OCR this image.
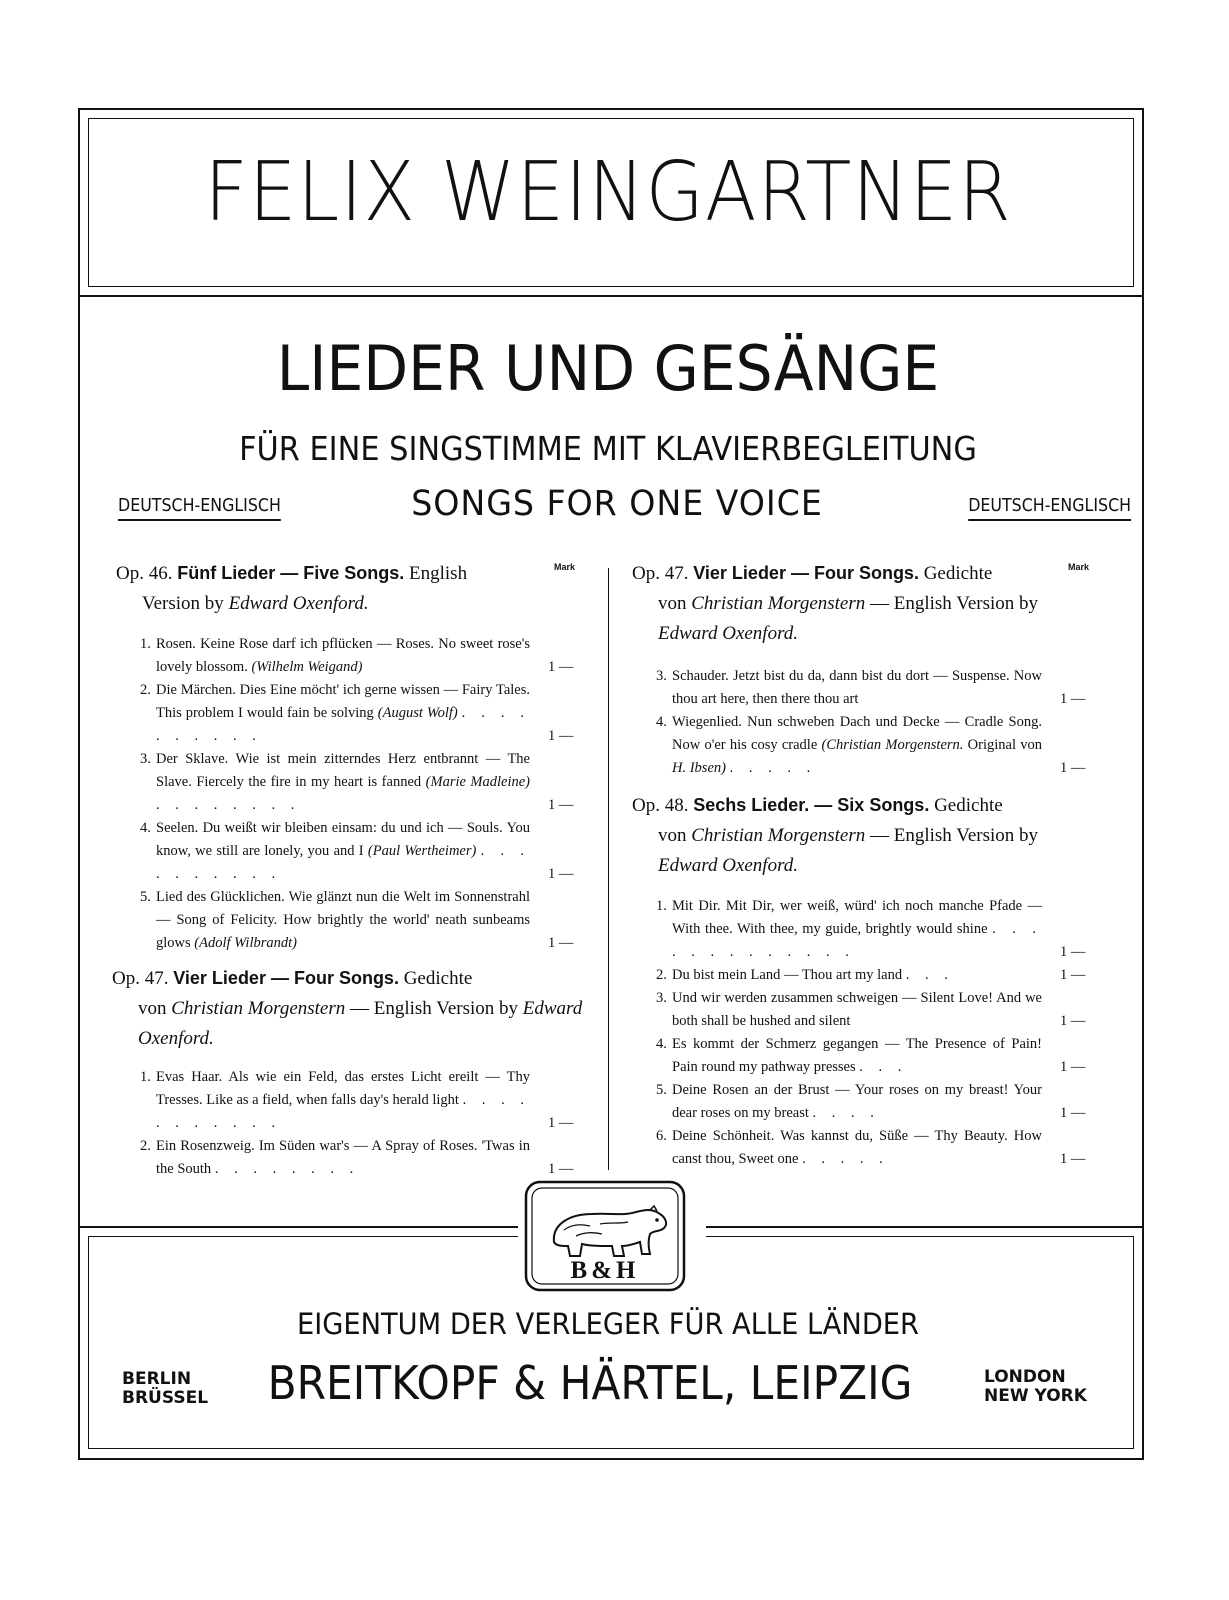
FELIX WEINGARTNER
LIEDER UND GESÄNGE
FÜR EINE SINGSTIMME MIT KLAVIERBEGLEITUNG
DEUTSCH-ENGLISCH	SONGS FOR ONE VOICE	DEUTSCH-ENGLISCH
Mark
Op. 46. Fünf Lieder — Five Songs. English
Version by Edward Oxenford.
1. Rosen. Keine Rose darf ich pflücken — Roses. No sweet rose's lovely blossom. (Wilhelm Weigand)	1 —
2. Die Märchen. Dies Eine möcht' ich gerne wissen — Fairy Tales. This problem I would fain be solving (August Wolf) . . . . . . . . . .	1 —
3. Der Sklave. Wie ist mein zitterndes Herz entbrannt — The Slave. Fiercely the fire in my heart is fanned (Marie Madleine) . . . . . . . .	1 —
4. Seelen. Du weißt wir bleiben einsam: du und ich — Souls. You know, we still are lonely, you and I (Paul Wertheimer) . . . . . . . . . .	1 —
5. Lied des Glücklichen. Wie glänzt nun die Welt im Sonnenstrahl — Song of Felicity. How brightly the world' neath sunbeams glows (Adolf Wilbrandt)	1 —
Op. 47. Vier Lieder — Four Songs. Gedichte
von Christian Morgenstern — English Version by Edward Oxenford.
1. Evas Haar. Als wie ein Feld, das erstes Licht ereilt — Thy Tresses. Like as a field, when falls day's herald light . . . . . . . . . . .	1 —
2. Ein Rosenzweig. Im Süden war's — A Spray of Roses. 'Twas in the South . . . . . . . .	1 —
Mark
Op. 47. Vier Lieder — Four Songs. Gedichte
von Christian Morgenstern — English Version by Edward Oxenford.
3. Schauder. Jetzt bist du da, dann bist du dort — Suspense. Now thou art here, then there thou art	1 —
4. Wiegenlied. Nun schweben Dach und Decke — Cradle Song. Now o'er his cosy cradle (Christian Morgenstern. Original von H. Ibsen) . . . . .	1 —
Op. 48. Sechs Lieder. — Six Songs. Gedichte
von Christian Morgenstern — English Version by Edward Oxenford.
1. Mit Dir. Mit Dir, wer weiß, würd' ich noch manche Pfade — With thee. With thee, my guide, brightly would shine . . . . . . . . . . . . .	1 —
2. Du bist mein Land — Thou art my land . . .	1 —
3. Und wir werden zusammen schweigen — Silent Love! And we both shall be hushed and silent	1 —
4. Es kommt der Schmerz gegangen — The Presence of Pain! Pain round my pathway presses . . .	1 —
5. Deine Rosen an der Brust — Your roses on my breast! Your dear roses on my breast . . . .	1 —
6. Deine Schönheit. Was kannst du, Süße — Thy Beauty. How canst thou, Sweet one . . . . .	1 —
B&H
EIGENTUM DER VERLEGER FÜR ALLE LÄNDER
BERLIN
BRÜSSEL	BREITKOPF & HÄRTEL, LEIPZIG	LONDON
NEW YORK
